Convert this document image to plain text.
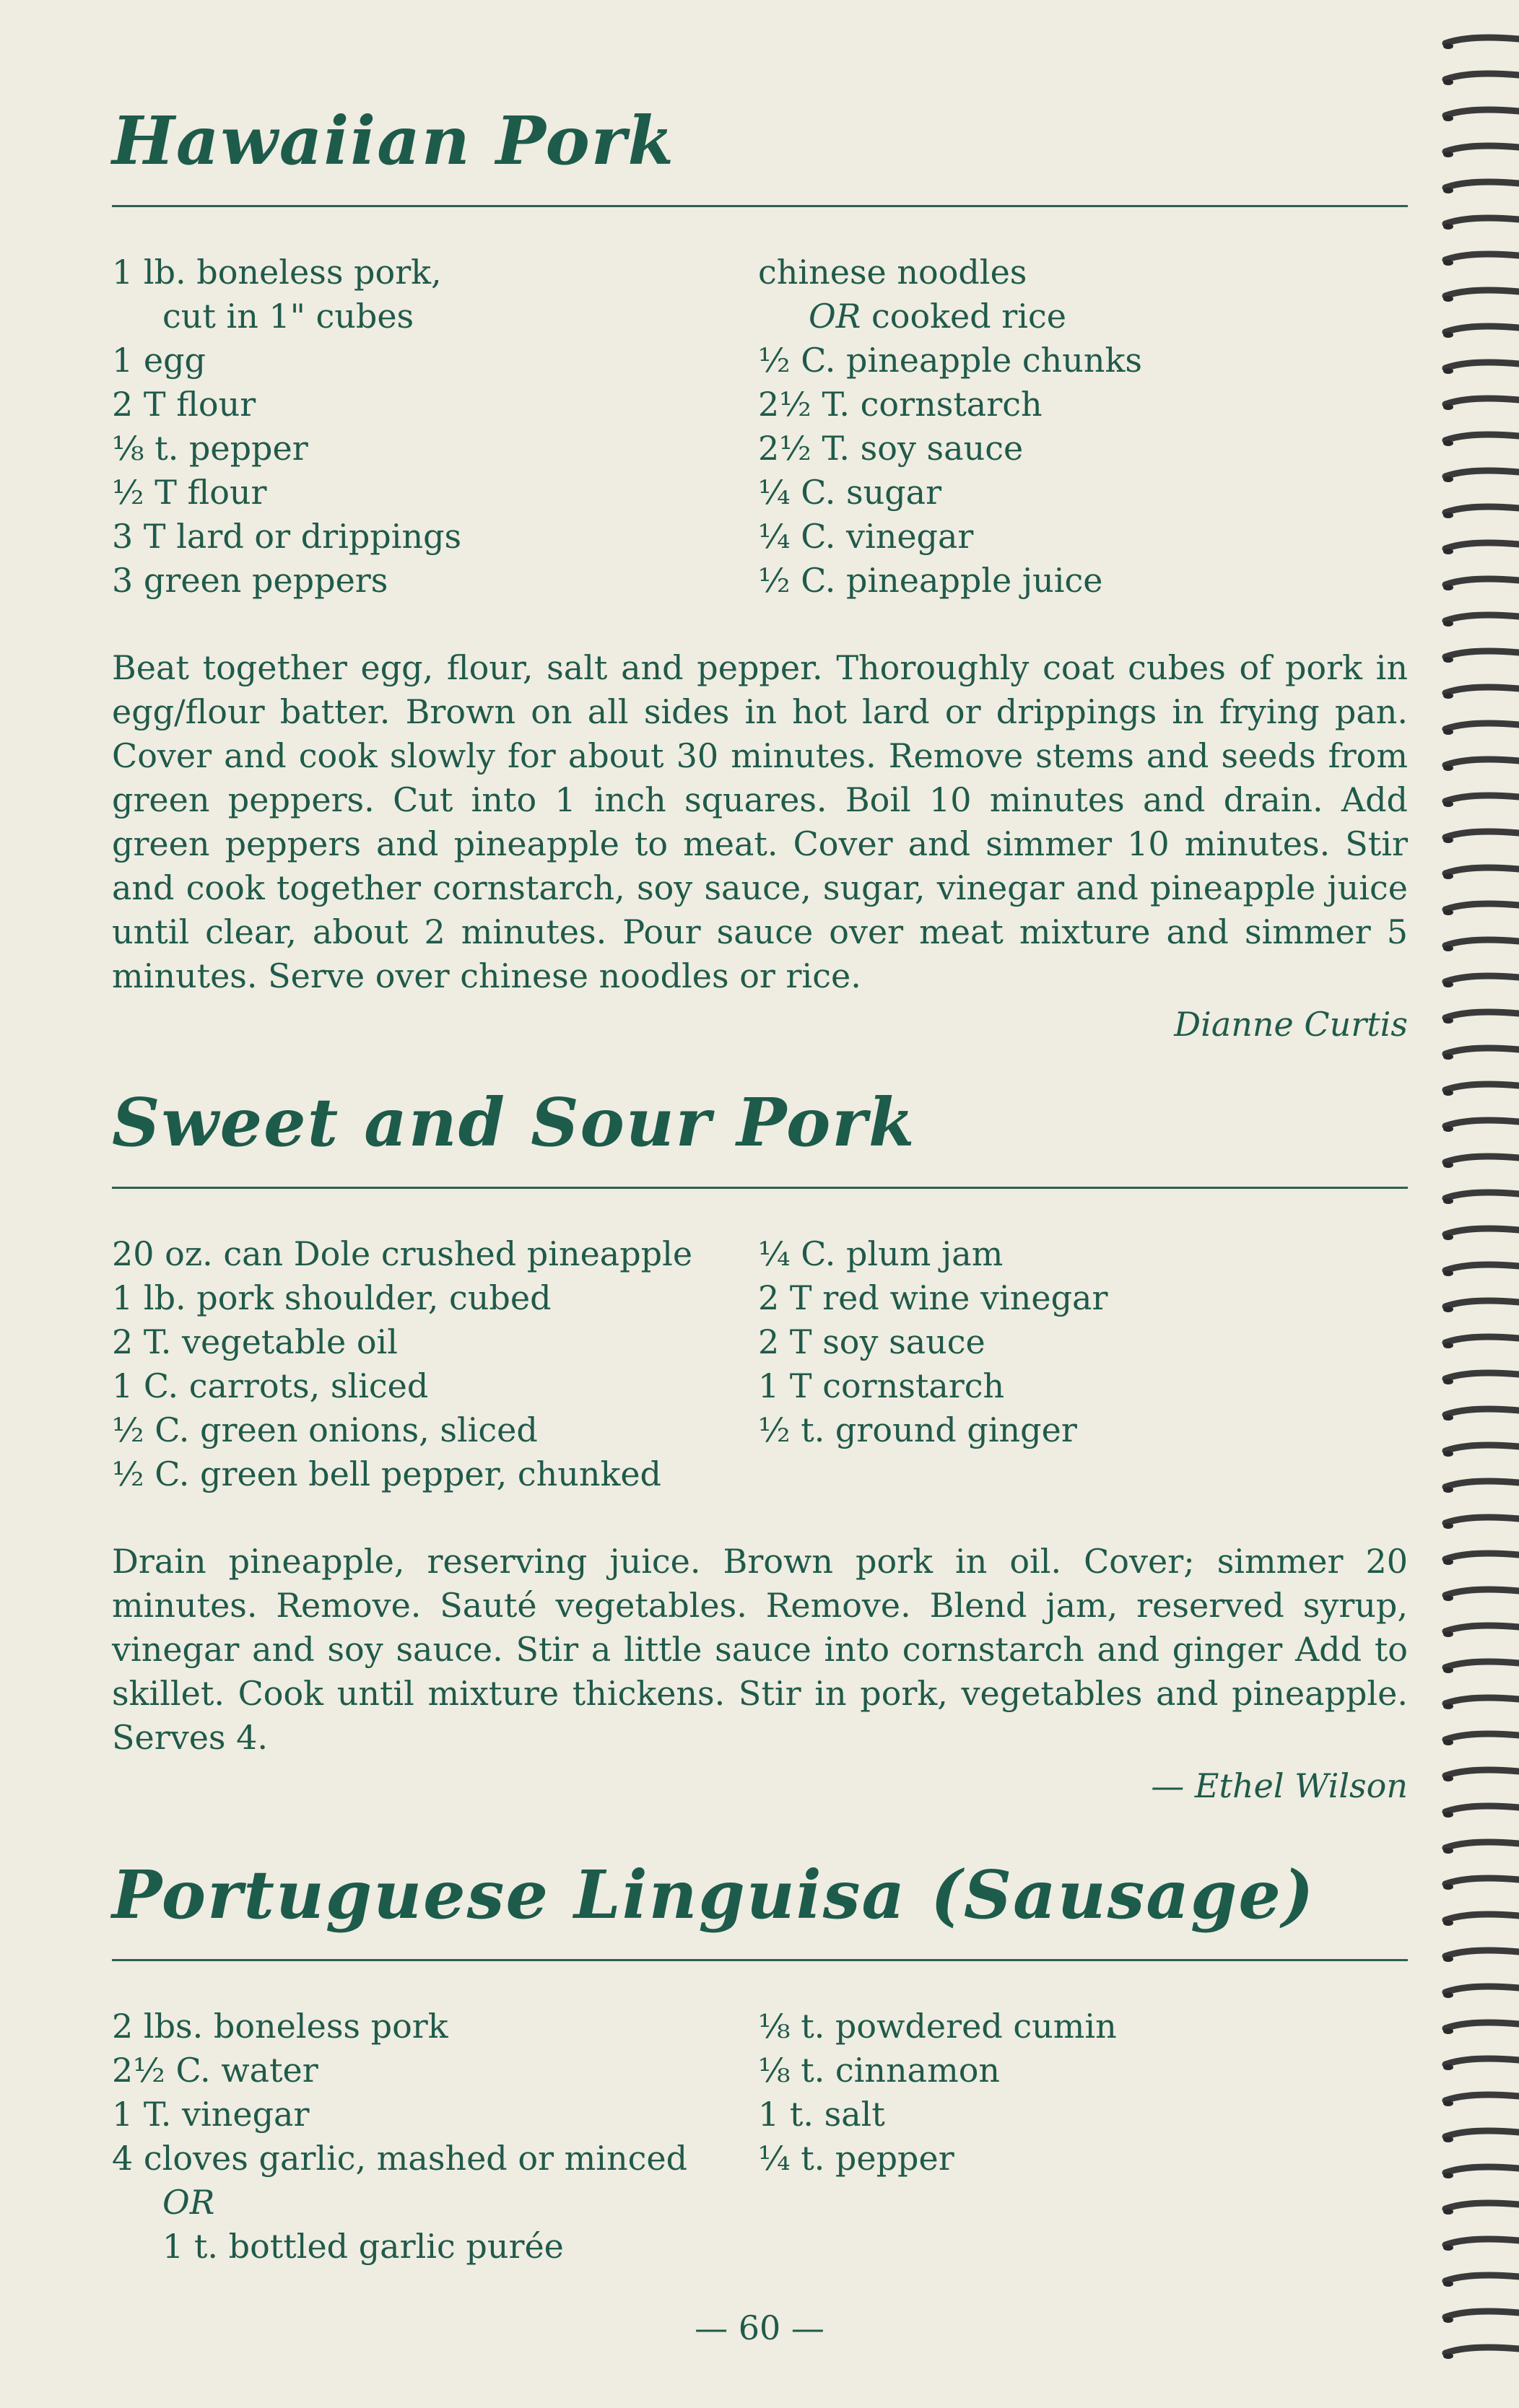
Hawaiian Pork
1 lb. boneless pork,
cut in 1" cubes
1 egg
2 T flour
⅛ t. pepper
½ T flour
3 T lard or drippings
3 green peppers
chinese noodles
OR cooked rice
½ C. pineapple chunks
2½ T. cornstarch
2½ T. soy sauce
¼ C. sugar
¼ C. vinegar
½ C. pineapple juice

Beat together egg, flour, salt and pepper. Thoroughly coat cubes of pork in egg/flour batter. Brown on all sides in hot lard or drippings in frying pan. Cover and cook slowly for about 30 minutes. Remove stems and seeds from green peppers. Cut into 1 inch squares. Boil 10 minutes and drain. Add green peppers and pineapple to meat. Cover and simmer 10 minutes. Stir and cook together cornstarch, soy sauce, sugar, vinegar and pineapple juice until clear, about 2 minutes. Pour sauce over meat mixture and simmer 5 minutes. Serve over chinese noodles or rice.

Dianne Curtis
Sweet and Sour Pork
20 oz. can Dole crushed pineapple
1 lb. pork shoulder, cubed
2 T. vegetable oil
1 C. carrots, sliced
½ C. green onions, sliced
½ C. green bell pepper, chunked
¼ C. plum jam
2 T red wine vinegar
2 T soy sauce
1 T cornstarch
½ t. ground ginger

Drain pineapple, reserving juice. Brown pork in oil. Cover; simmer 20 minutes. Remove. Sauté vegetables. Remove. Blend jam, reserved syrup, vinegar and soy sauce. Stir a little sauce into cornstarch and ginger Add to skillet. Cook until mixture thickens. Stir in pork, vegetables and pineapple. Serves 4.

— Ethel Wilson
Portuguese Linguisa (Sausage)
2 lbs. boneless pork
2½ C. water
1 T. vinegar
4 cloves garlic, mashed or minced
OR
1 t. bottled garlic purée
⅛ t. powdered cumin
⅛ t. cinnamon
1 t. salt
¼ t. pepper
— 60 —
